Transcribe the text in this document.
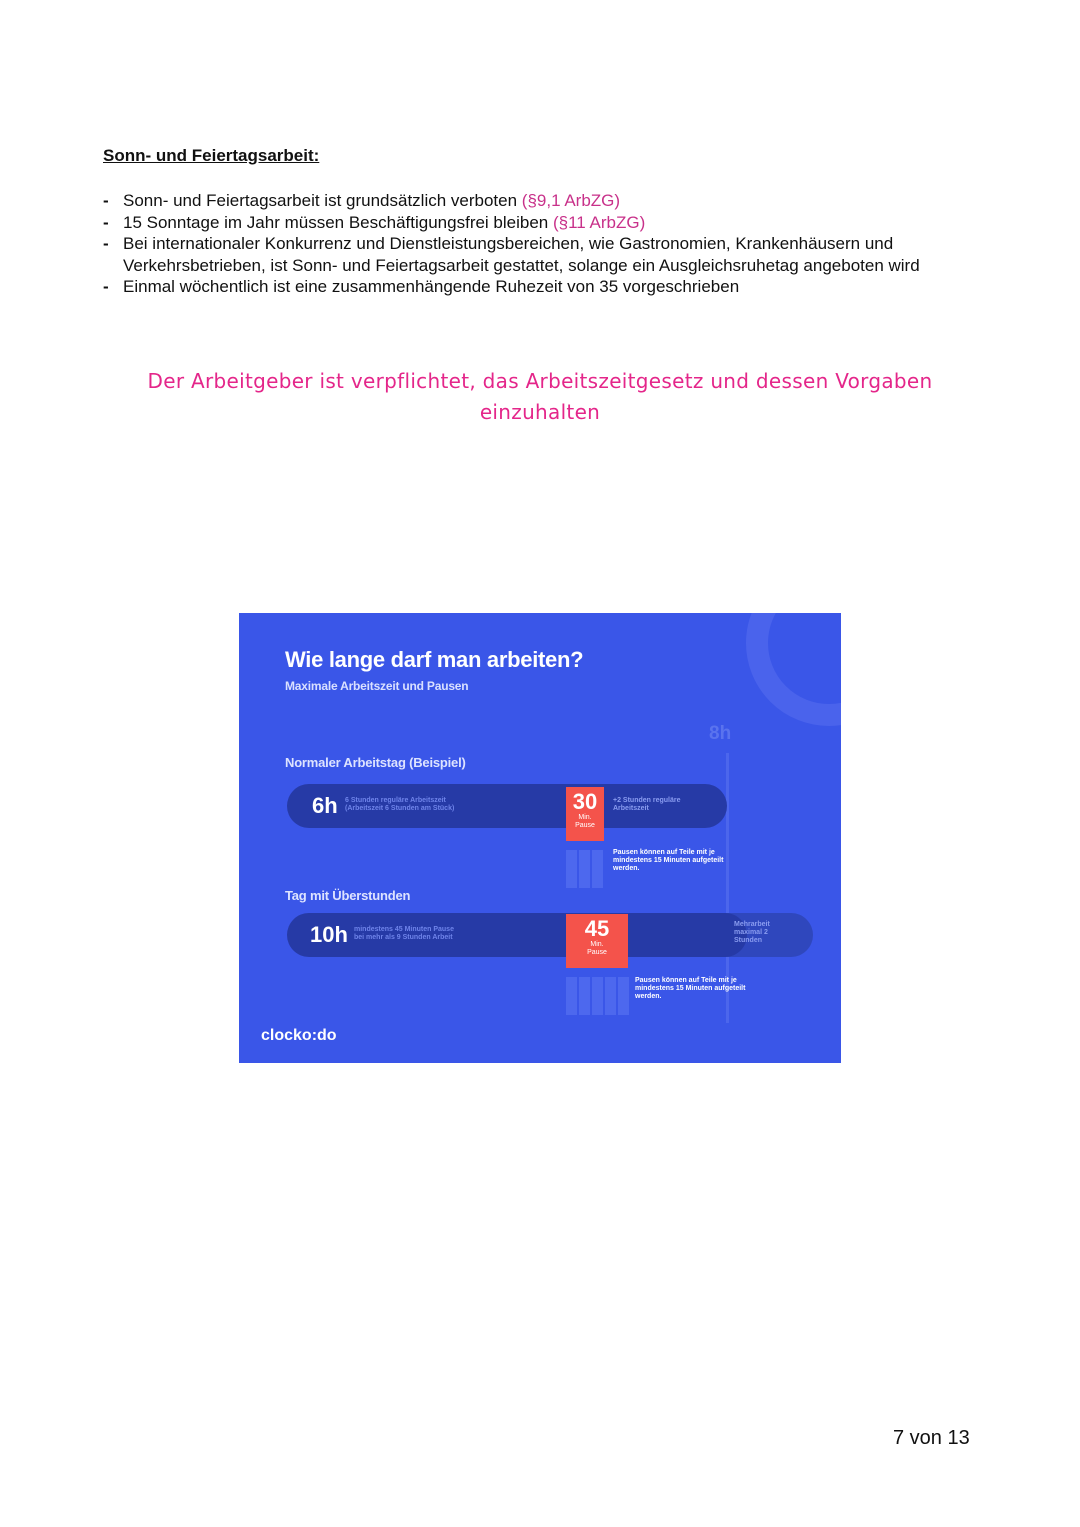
Sonn- und Feiertagsarbeit:
- Sonn- und Feiertagsarbeit ist grundsätzlich verboten (§9,1 ArbZG)
- 15 Sonntage im Jahr müssen Beschäftigungsfrei bleiben (§11 ArbZG)
- Bei internationaler Konkurrenz und Dienstleistungsbereichen, wie Gastronomien, Krankenhäusern und Verkehrsbetrieben, ist Sonn- und Feiertagsarbeit gestattet, solange ein Ausgleichsruhetag angeboten wird
- Einmal wöchentlich ist eine zusammenhängende Ruhezeit von 35 vorgeschrieben

Der Arbeitgeber ist verpflichtet, das Arbeitszeitgesetz und dessen Vorgaben einzuhalten

Wie lange darf man arbeiten?
Maximale Arbeitszeit und Pausen
8h
Normaler Arbeitstag (Beispiel)
6h 6 Stunden reguläre Arbeitszeit
(Arbeitszeit 6 Stunden am Stück)	30
Min.
Pause
+2 Stunden reguläre Arbeitszeit
Pausen können auf Teile mit je mindestens 15 Minuten aufgeteilt werden.
Tag mit Überstunden
10h mindestens 45 Minuten Pause
bei mehr als 9 Stunden Arbeit	45
Min.
Pause
Mehrarbeit maximal 2 Stunden
Pausen können auf Teile mit je mindestens 15 Minuten aufgeteilt werden.
clocko:do
7 von 13
